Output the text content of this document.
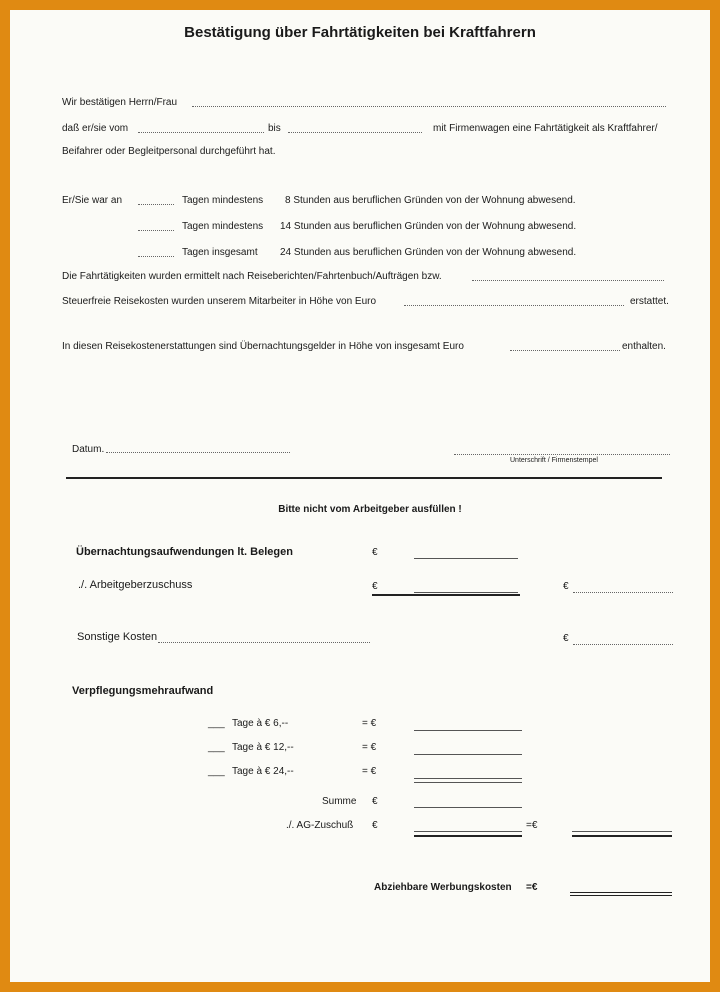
Bestätigung über Fahrtätigkeiten bei Kraftfahrern
Wir bestätigen Herrn/Frau
daß er/sie vom	bis	mit Firmenwagen eine Fahrtätigkeit als Kraftfahrer/
Beifahrer oder Begleitpersonal durchgeführt hat.
Er/Sie war an	Tagen mindestens 8 Stunden aus beruflichen Gründen von der Wohnung abwesend.
Tagen mindestens 14 Stunden aus beruflichen Gründen von der Wohnung abwesend.
Tagen insgesamt 24 Stunden aus beruflichen Gründen von der Wohnung abwesend.
Die Fahrtätigkeiten wurden ermittelt nach Reiseberichten/Fahrtenbuch/Aufträgen bzw.
Steuerfreie Reisekosten wurden unserem Mitarbeiter in Höhe von Euro	erstattet.
In diesen Reisekostenerstattungen sind Übernachtungsgelder in Höhe von insgesamt Euro	enthalten.
Datum.
Unterschrift / Firmenstempel
Bitte nicht vom Arbeitgeber ausfüllen !
Übernachtungsaufwendungen lt. Belegen	€
./. Arbeitgeberzuschuss	€	€
Sonstige Kosten	€
Verpflegungsmehraufwand
___ Tage à € 6,--	= €
___ Tage à € 12,--	= €
___ Tage à € 24,--	= €
Summe €
./. AG-Zuschuß €	=€
Abziehbare Werbungskosten =€
